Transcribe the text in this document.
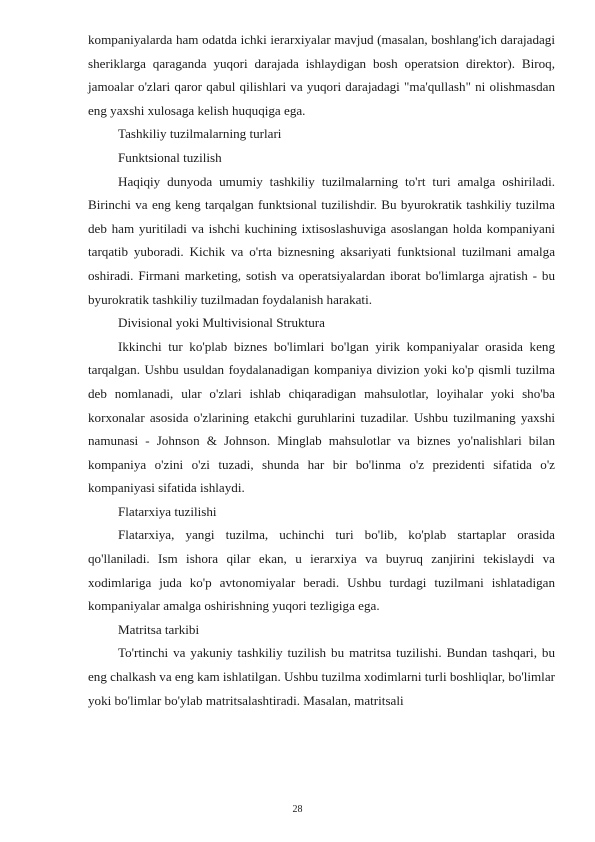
kompaniyalarda ham odatda ichki ierarxiyalar mavjud (masalan, boshlang'ich darajadagi sheriklarga qaraganda yuqori darajada ishlaydigan bosh operatsion direktor). Biroq, jamoalar o'zlari qaror qabul qilishlari va yuqori darajadagi "ma'qullash" ni olishmasdan eng yaxshi xulosaga kelish huquqiga ega.

Tashkiliy tuzilmalarning turlari

Funktsional tuzilish

Haqiqiy dunyoda umumiy tashkiliy tuzilmalarning to'rt turi amalga oshiriladi. Birinchi va eng keng tarqalgan funktsional tuzilishdir. Bu byurokratik tashkiliy tuzilma deb ham yuritiladi va ishchi kuchining ixtisoslashuviga asoslangan holda kompaniyani tarqatib yuboradi. Kichik va o'rta biznesning aksariyati funktsional tuzilmani amalga oshiradi. Firmani marketing, sotish va operatsiyalardan iborat bo'limlarga ajratish - bu byurokratik tashkiliy tuzilmadan foydalanish harakati.

Divisional yoki Multivisional Struktura

Ikkinchi tur ko'plab biznes bo'limlari bo'lgan yirik kompaniyalar orasida keng tarqalgan. Ushbu usuldan foydalanadigan kompaniya divizion yoki ko'p qismli tuzilma deb nomlanadi, ular o'zlari ishlab chiqaradigan mahsulotlar, loyihalar yoki sho'ba korxonalar asosida o'zlarining etakchi guruhlarini tuzadilar. Ushbu tuzilmaning yaxshi namunasi - Johnson & Johnson. Minglab mahsulotlar va biznes yo'nalishlari bilan kompaniya o'zini o'zi tuzadi, shunda har bir bo'linma o'z prezidenti sifatida o'z kompaniyasi sifatida ishlaydi.

Flatarxiya tuzilishi

Flatarxiya, yangi tuzilma, uchinchi turi bo'lib, ko'plab startaplar orasida qo'llaniladi. Ism ishora qilar ekan, u ierarxiya va buyruq zanjirini tekislaydi va xodimlariga juda ko'p avtonomiyalar beradi. Ushbu turdagi tuzilmani ishlatadigan kompaniyalar amalga oshirishning yuqori tezligiga ega.

Matritsa tarkibi

To'rtinchi va yakuniy tashkiliy tuzilish bu matritsa tuzilishi. Bundan tashqari, bu eng chalkash va eng kam ishlatilgan. Ushbu tuzilma xodimlarni turli boshliqlar, bo'limlar yoki bo'limlar bo'ylab matritsalashtiradi. Masalan, matritsali

28
